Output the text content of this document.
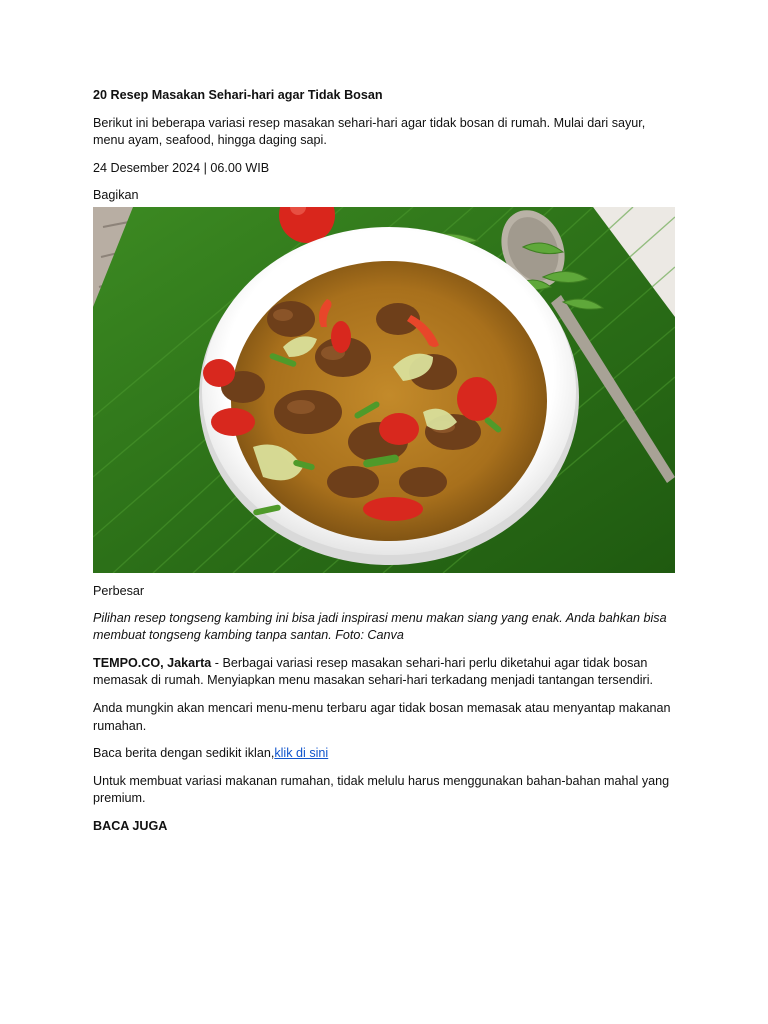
20 Resep Masakan Sehari-hari agar Tidak Bosan

Berikut ini beberapa variasi resep masakan sehari-hari agar tidak bosan di rumah. Mulai dari sayur, menu ayam, seafood, hingga daging sapi.

24 Desember 2024 | 06.00 WIB

Bagikan

Perbesar

Pilihan resep tongseng kambing ini bisa jadi inspirasi menu makan siang yang enak. Anda bahkan bisa membuat tongseng kambing tanpa santan. Foto: Canva

TEMPO.CO, Jakarta - Berbagai variasi resep masakan sehari-hari perlu diketahui agar tidak bosan memasak di rumah. Menyiapkan menu masakan sehari-hari terkadang menjadi tantangan tersendiri.

Anda mungkin akan mencari menu-menu terbaru agar tidak bosan memasak atau menyantap makanan rumahan.

Baca berita dengan sedikit iklan,klik di sini

Untuk membuat variasi makanan rumahan, tidak melulu harus menggunakan bahan-bahan mahal yang premium.

BACA JUGA
